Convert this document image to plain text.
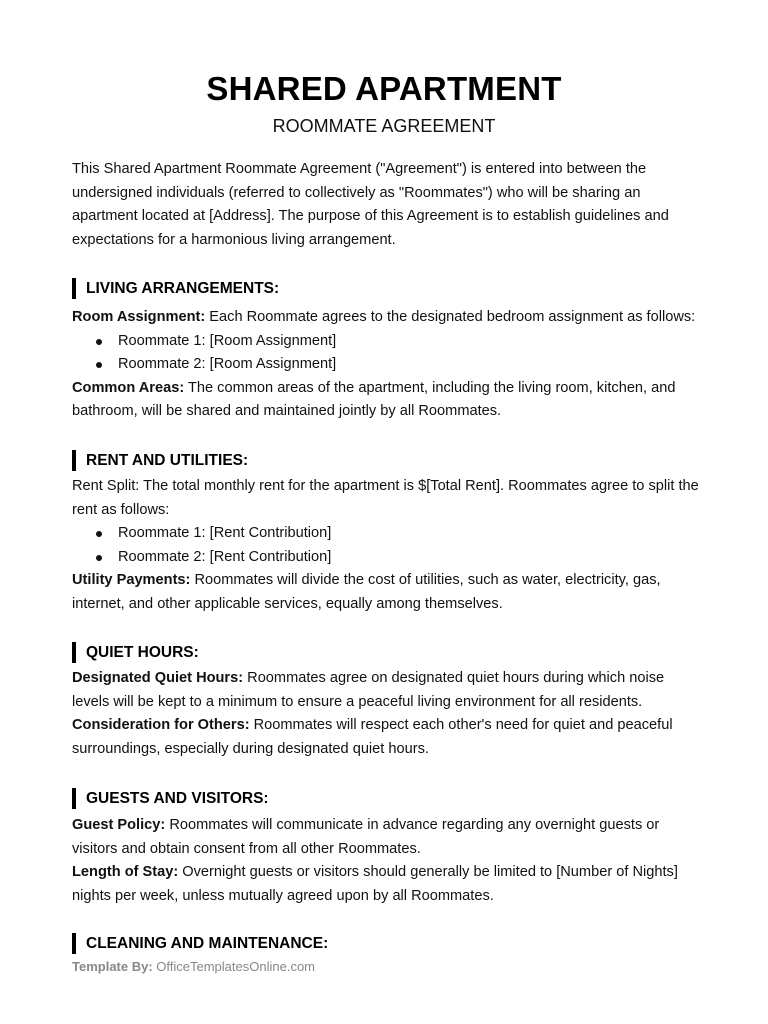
SHARED APARTMENT
ROOMMATE AGREEMENT

This Shared Apartment Roommate Agreement ("Agreement") is entered into between the undersigned individuals (referred to collectively as "Roommates") who will be sharing an apartment located at [Address]. The purpose of this Agreement is to establish guidelines and expectations for a harmonious living arrangement.

LIVING ARRANGEMENTS:

Room Assignment: Each Roommate agrees to the designated bedroom assignment as follows:

Roommate 1: [Room Assignment]
Roommate 2: [Room Assignment]

Common Areas: The common areas of the apartment, including the living room, kitchen, and bathroom, will be shared and maintained jointly by all Roommates.

RENT AND UTILITIES:

Rent Split: The total monthly rent for the apartment is $[Total Rent]. Roommates agree to split the rent as follows:

Roommate 1: [Rent Contribution]
Roommate 2: [Rent Contribution]

Utility Payments: Roommates will divide the cost of utilities, such as water, electricity, gas, internet, and other applicable services, equally among themselves.

QUIET HOURS:

Designated Quiet Hours: Roommates agree on designated quiet hours during which noise levels will be kept to a minimum to ensure a peaceful living environment for all residents.

Consideration for Others: Roommates will respect each other's need for quiet and peaceful surroundings, especially during designated quiet hours.

GUESTS AND VISITORS:

Guest Policy: Roommates will communicate in advance regarding any overnight guests or visitors and obtain consent from all other Roommates.

Length of Stay: Overnight guests or visitors should generally be limited to [Number of Nights] nights per week, unless mutually agreed upon by all Roommates.

CLEANING AND MAINTENANCE:
Template By: OfficeTemplatesOnline.com
